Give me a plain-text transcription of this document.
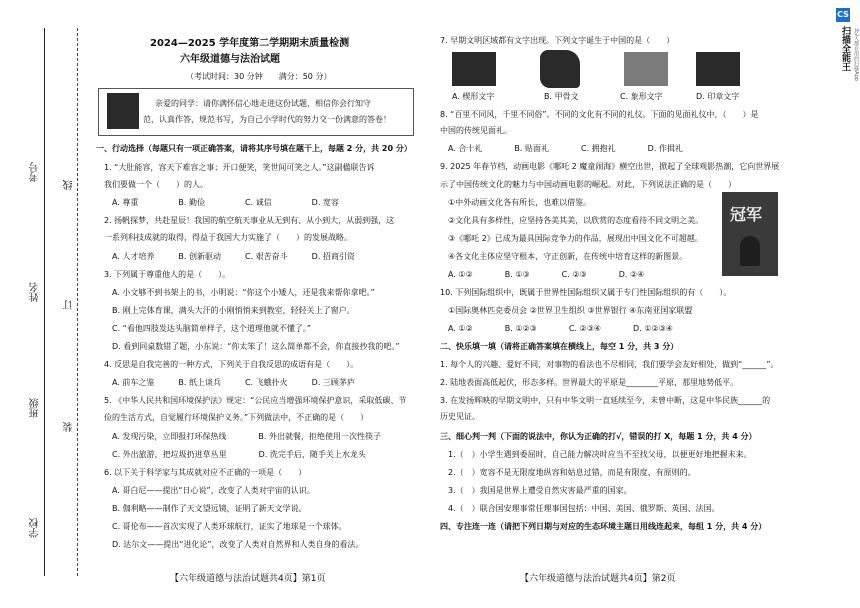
考号
姓名
班级
学校
线
订
装
CS
扫描全能王 3亿人都在用的扫描App
2024—2025 学年度第二学期期末质量检测
六年级道德与法治试题
（考试时间：30 分钟　　满分：50 分）
亲爱的同学：请你满怀信心地走进这份试题，相信你会行知守
范，认真作答，规范书写，为自己小学时代的努力交一份满意的答卷！
一、行动选择（每题只有一项正确答案，请将其序号填在题干上，每题 2 分，共 20 分）
1. “大肚能容，容天下难容之事；开口便笑，笑世间可笑之人。”这副楹联告诉
我们要做一个（　　）的人。
A. 尊重　　　　　B. 勤俭　　　　　C. 诚信　　　　　D. 宽容
2. 扬帆探梦，共赴星辰！我国的航空航天事业从无到有、从小到大，从弱到强，这
一系列科技成就的取得，得益于我国大力实施了（　　）的发展战略。
A. 人才培养　　　B. 创新驱动　　　C. 艰苦奋斗　　　D. 招商引资
3. 下列属于尊重他人的是（　　）。
A. 小文够不到书架上的书，小明说：“你这个小矮人，还是我来帮你拿吧。”
B. 刚上完体育课，满头大汗的小刚悄悄来到教室，轻轻关上了窗户。
C. “看他四肢发达头脑简单样子，这个道理他就不懂了。”
D. 看到同桌数错了题，小东说：“你太笨了！这么简单都不会，你直接抄我的吧。”
4. 反思是自我完善的一种方式，下列关于自我反思的成语有是（　　）。
A. 前车之鉴　　　B. 纸上谈兵　　　C. 飞蛾扑火　　　D. 三顾茅庐
5. 《中华人民共和国环境保护法》规定：“公民应当增强环境保护意识，采取低碳、节
俭的生活方式，自觉履行环境保护义务。”下列做法中，不正确的是（　　）
A. 发现污染，立即报打环保热线　　　　B. 外出就餐，拒绝使用一次性筷子
C. 外出旅游，把垃圾扔进草丛里　　　　D. 洗完手后，随手关上水龙头
6. 以下关于科学家与其成就对应不正确的一项是（　　）
A. 哥白尼——提出“日心说”，改变了人类对宇宙的认识。
B. 伽利略——制作了天文望远镜，证明了新天文学说。
C. 哥伦布——首次实现了人类环球航行，证实了地球是一个球体。
D. 达尔文——提出“进化论”，改变了人类对自然界和人类自身的看法。
【六年级道德与法治试题共4页】第1页
7. 早期文明区域都有文字出现。下列文字诞生于中国的是（　　）
A. 楔形文字	B. 甲骨文	C. 象形文字	D. 印章文字
8. “百里不同风，千里不同俗”。不同的文化有不同的礼仪。下面的见面礼仪中，（　　）是
中国的传统见面礼。
A. 合十礼　　　　B. 贴面礼　　　　C. 拥抱礼　　　　D. 作揖礼
9. 2025 年春节档，动画电影《哪吒 2 魔童闹海》横空出世，掀起了全球观影热潮，它向世界展
示了中国传统文化的魅力与中国动画电影的崛起。对此，下列说法正确的是（　　）
①中外动画文化各有所长，也难以借鉴。
②文化具有多样性，应坚持各美其美，以欣赏的态度看待不同文明之美。
③《哪吒 2》已成为最具国际竞争力的作品，展现出中国文化不可超越。
④各文化主体应坚守根本，守正创新，在传统中培育这样的新图景。
A. ①②　　　　B. ①③　　　　C. ②③　　　　D. ②④
冠军
10. 下列国际组织中，既属于世界性国际组织又属于专门性国际组织的有（　　）。
①国际奥林匹克委员会 ②世界卫生组织 ③世界银行 ④东南亚国家联盟
A. ①②　　　　B. ①②③　　　　C. ②③④　　　　D. ①②③④
二、快乐填一填（请将正确答案填在横线上，每空 1 分，共 3 分）
1. 每个人的兴趣、爱好不同，对事物的看法也不尽相同，我们要学会友好相处，做到“______”。
2. 陆地表面高低起伏，形态多样。世界最大的平原是________平原，那里地势低平。
3. 在发扬辉映的早期文明中，只有中华文明一直延续至今，未曾中断，这是中华民族______的
历史见证。
三、细心判一判（下面的说法中，你认为正确的打√，错误的打 X，每题 1 分，共 4 分）
1.（　）小学生遇到委屈时，自己能力解决时应当不至找父母，以便更好地把握未来。
2.（　）宽容不是无限度地纵容和姑息过错，而是有限度、有原则的。
3.（　）我国是世界上遭受自然灾害最严重的国家。
4.（　）联合国安理事常任理事国包括：中国、美国、俄罗斯、英国、法国。
四、专注连一连（请把下列日期与对应的生态环境主题日用线连起来，每组 1 分，共 4 分）
【六年级道德与法治试题共4页】第2页
